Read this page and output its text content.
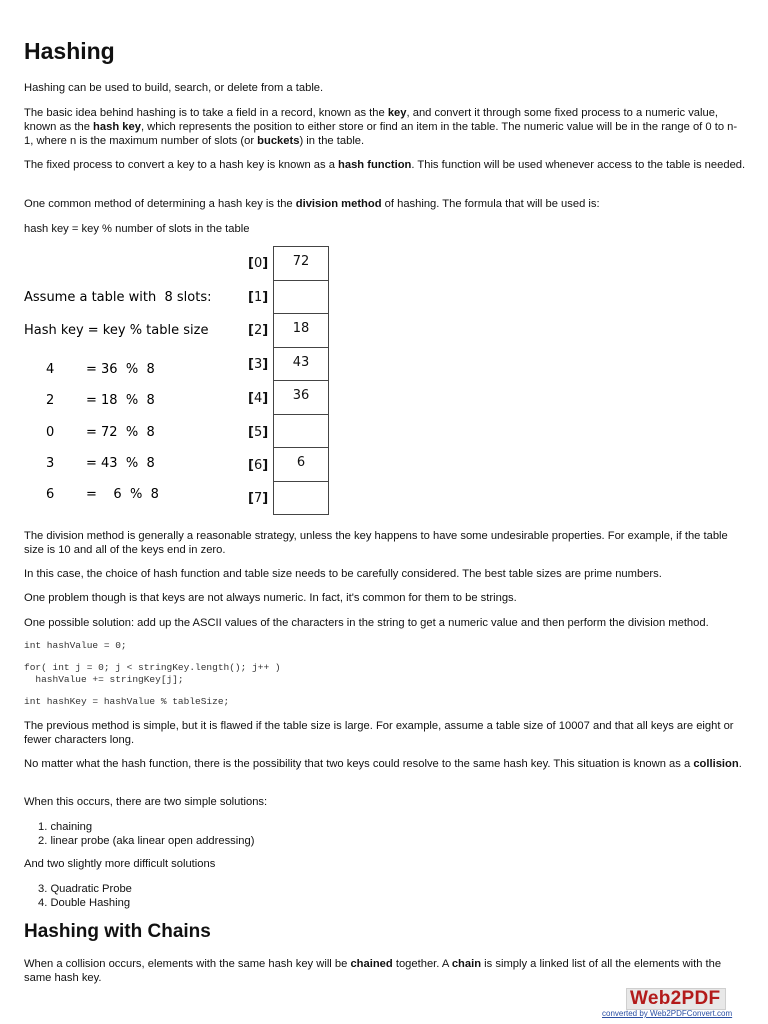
Hashing

Hashing can be used to build, search, or delete from a table.

The basic idea behind hashing is to take a field in a record, known as the key, and convert it through some fixed process to a numeric value, known as the hash key, which represents the position to either store or find an item in the table. The numeric value will be in the range of 0 to n-1, where n is the maximum number of slots (or buckets) in the table.

The fixed process to convert a key to a hash key is known as a hash function. This function will be used whenever access to the table is needed.

One common method of determining a hash key is the division method of hashing. The formula that will be used is:

hash key = key % number of slots in the table

Assume a table with  8 slots:
Hash key = key % table size
4 = 36  %  8
2 = 18  %  8
0 = 72  %  8
3 = 43  %  8
6 =    6  %  8
[0]
[1]
[2]
[3]
[4]
[5]
[6]
[7]
72
18
43
36
6

The division method is generally a reasonable strategy, unless the key happens to have some undesirable properties. For example, if the table size is 10 and all of the keys end in zero.

In this case, the choice of hash function and table size needs to be carefully considered. The best table sizes are prime numbers.

One problem though is that keys are not always numeric. In fact, it's common for them to be strings.

One possible solution: add up the ASCII values of the characters in the string to get a numeric value and then perform the division method.

int hashValue = 0;
for( int j = 0; j < stringKey.length(); j++ )
hashValue += stringKey[j];
int hashKey = hashValue % tableSize;

The previous method is simple, but it is flawed if the table size is large. For example, assume a table size of 10007 and that all keys are eight or fewer characters long.

No matter what the hash function, there is the possibility that two keys could resolve to the same hash key. This situation is known as a collision.

When this occurs, there are two simple solutions:

1. chaining
2. linear probe (aka linear open addressing)

And two slightly more difficult solutions

3. Quadratic Probe
4. Double Hashing
Hashing with Chains

When a collision occurs, elements with the same hash key will be chained together. A chain is simply a linked list of all the elements with the same hash key.

Web2PDF
converted by Web2PDFConvert.com
